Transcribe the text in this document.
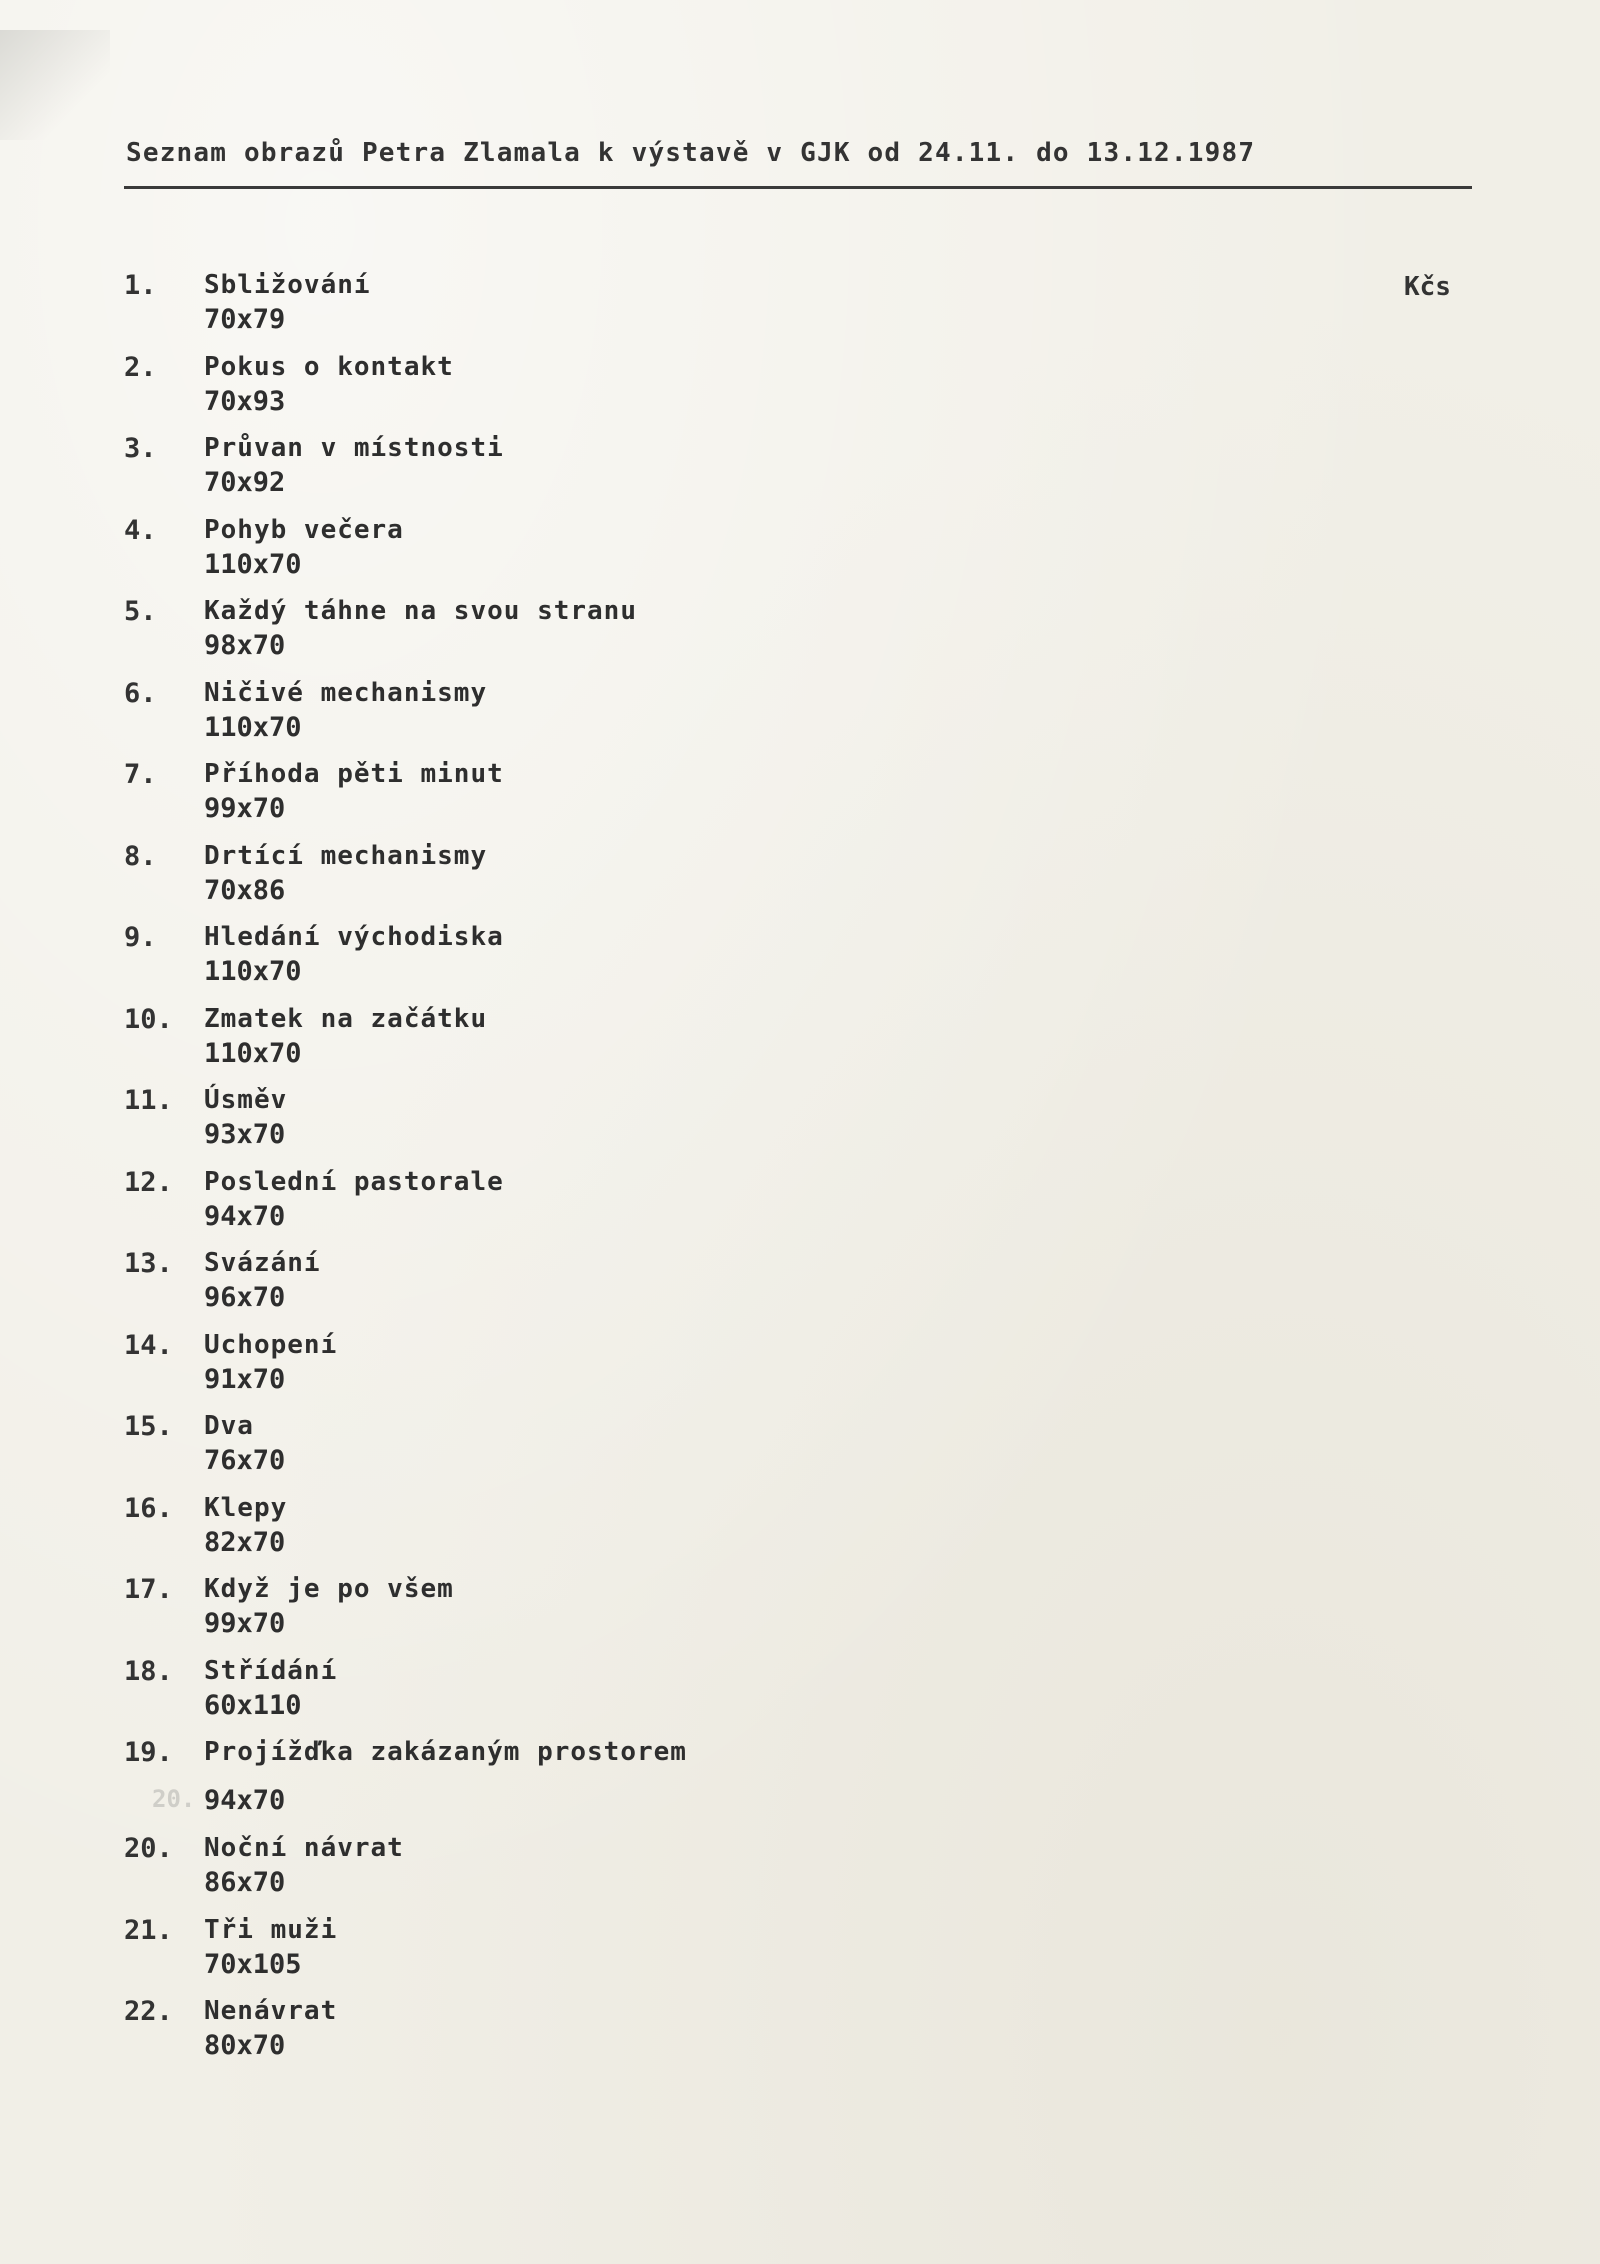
Seznam obrazů Petra Zlamala k výstavě v GJK od 24.11. do 13.12.1987
Kčs
1.	Sbližování
70x79
2.	Pokus o kontakt
70x93
3.	Průvan v místnosti
70x92
4.	Pohyb večera
110x70
5.	Každý táhne na svou stranu
98x70
6.	Ničivé mechanismy
110x70
7.	Příhoda pěti minut
99x70
8.	Drtící mechanismy
70x86
9.	Hledání východiska
110x70
10.	Zmatek na začátku
110x70
11.	Úsměv
93x70
12.	Poslední pastorale
94x70
13.	Svázání
96x70
14.	Uchopení
91x70
15.	Dva
76x70
16.	Klepy
82x70
17.	Když je po všem
99x70
18.	Střídání
60x110
19.	Projížďka zakázaným prostorem
20. 94x70
20.	Noční návrat
86x70
21.	Tři muži
70x105
22.	Nenávrat
80x70
